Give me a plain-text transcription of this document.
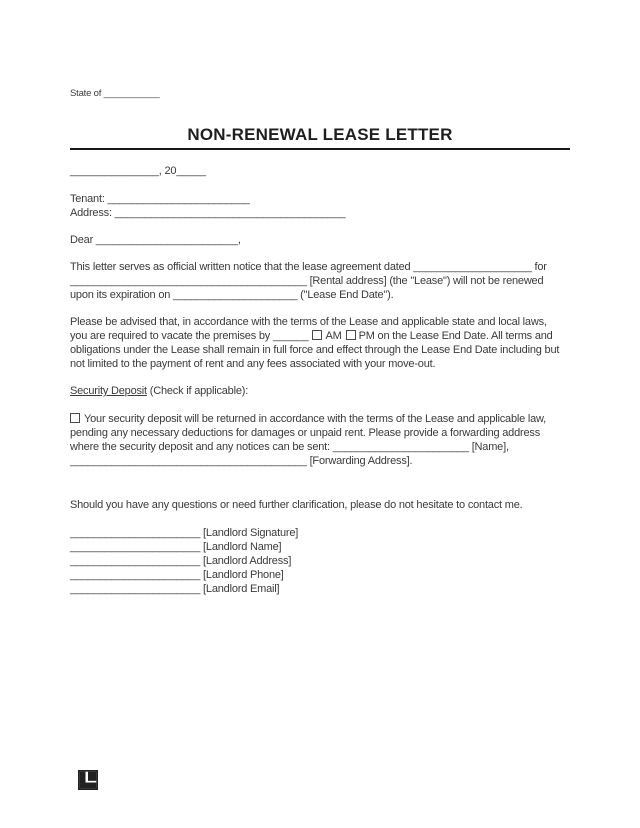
State of ___________
NON-RENEWAL LEASE LETTER
_______________, 20_____
Tenant: ________________________
Address: _______________________________________
Dear ________________________,
This letter serves as official written notice that the lease agreement dated ____________________ for
________________________________________ [Rental address] (the "Lease") will not be renewed
upon its expiration on _____________________ ("Lease End Date").
Please be advised that, in accordance with the terms of the Lease and applicable state and local laws,
you are required to vacate the premises by ______ AM PM on the Lease End Date. All terms and
obligations under the Lease shall remain in full force and effect through the Lease End Date including but
not limited to the payment of rent and any fees associated with your move-out.
Security Deposit (Check if applicable):
Your security deposit will be returned in accordance with the terms of the Lease and applicable law,
pending any necessary deductions for damages or unpaid rent. Please provide a forwarding address
where the security deposit and any notices can be sent: _______________________ [Name],
________________________________________ [Forwarding Address].
Should you have any questions or need further clarification, please do not hesitate to contact me.
______________________ [Landlord Signature]
______________________ [Landlord Name]
______________________ [Landlord Address]
______________________ [Landlord Phone]
______________________ [Landlord Email]
